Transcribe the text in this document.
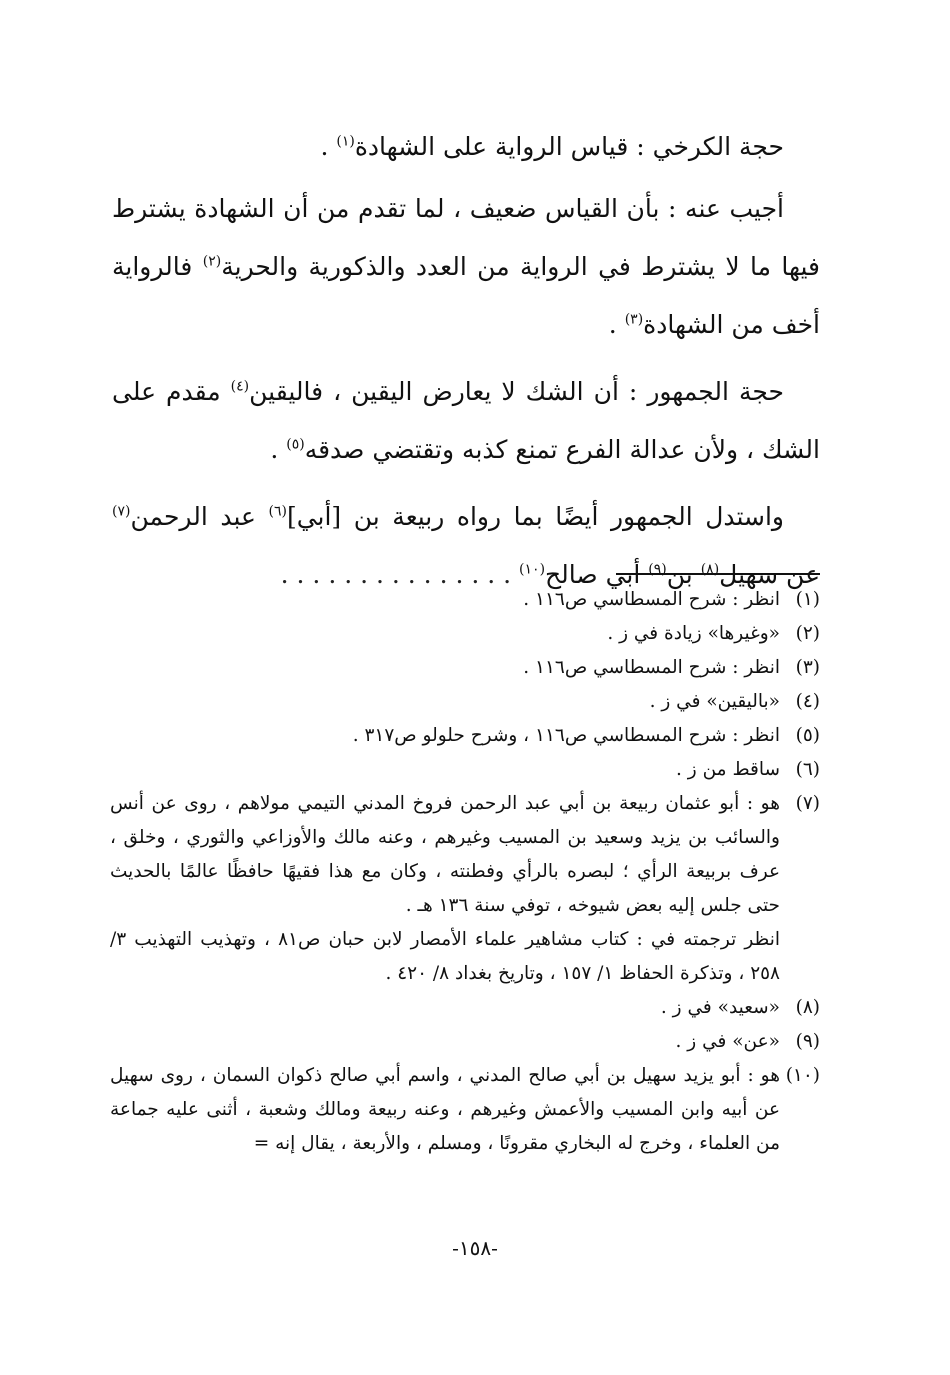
حجة الكرخي : قياس الرواية على الشهادة$^{(١)}$ .

أجيب عنه : بأن القياس ضعيف ، لما تقدم من أن الشهادة يشترط فيها ما لا يشترط في الرواية من العدد والذكورية والحرية$^{(٢)}$ فالرواية أخف من الشهادة$^{(٣)}$ .

حجة الجمهور : أن الشك لا يعارض اليقين ، فاليقين$^{(٤)}$ مقدم على الشك ، ولأن عدالة الفرع تمنع كذبه وتقتضي صدقه$^{(٥)}$ .

واستدل الجمهور أيضًا بما رواه ربيعة بن [أبي]$^{(٦)}$ عبد الرحمن$^{(٧)}$ عن سهيل$^{(٨)}$ بن$^{(٩)}$ أبي صالح$^{(١٠)}$ . . . . . . . . . . . . . . .

(١)

انظر : شرح المسطاسي ص١١٦ .

(٢)

«وغيرها» زيادة في ز .

(٣)

انظر : شرح المسطاسي ص١١٦ .

(٤)

«باليقين» في ز .

(٥)

انظر : شرح المسطاسي ص١١٦ ، وشرح حلولو ص٣١٧ .

(٦)

ساقط من ز .

(٧)

هو : أبو عثمان ربيعة بن أبي عبد الرحمن فروخ المدني التيمي مولاهم ، روى عن أنس والسائب بن يزيد وسعيد بن المسيب وغيرهم ، وعنه مالك والأوزاعي والثوري ، وخلق ، عرف بربيعة الرأي ؛ لبصره بالرأي وفطنته ، وكان مع هذا فقيهًا حافظًا عالمًا بالحديث حتى جلس إليه بعض شيوخه ، توفي سنة ١٣٦ هـ .

انظر ترجمته في : كتاب مشاهير علماء الأمصار لابن حبان ص٨١ ، وتهذيب التهذيب ٣/ ٢٥٨ ، وتذكرة الحفاظ ١/ ١٥٧ ، وتاريخ بغداد ٨/ ٤٢٠ .

(٨)

«سعيد» في ز .

(٩)

«عن» في ز .

(١٠)

هو : أبو يزيد سهيل بن أبي صالح المدني ، واسم أبي صالح ذكوان السمان ، روى سهيل عن أبيه وابن المسيب والأعمش وغيرهم ، وعنه ربيعة ومالك وشعبة ، أثنى عليه جماعة من العلماء ، وخرج له البخاري مقرونًا ، ومسلم ، والأربعة ، يقال إنه =

-١٥٨-
